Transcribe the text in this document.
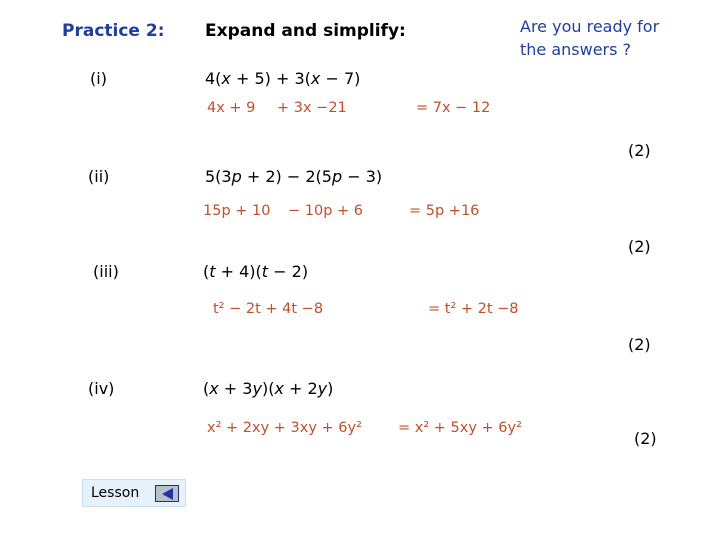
Practice 2: Expand and simplify:	Are you ready for
the answers ?
(i)	4(x + 5) + 3(x − 7)
4x + 9 + 3x −21	= 7x − 12
(2)
(ii)	5(3p + 2) − 2(5p − 3)
15p + 10 − 10p + 6	= 5p +16
(2)
(iii)	(t + 4)(t − 2)
t² − 2t + 4t −8	= t² + 2t −8
(2)
(iv)	(x + 3y)(x + 2y)
x² + 2xy + 3xy + 6y² = x² + 5xy + 6y²
(2)
Lesson
